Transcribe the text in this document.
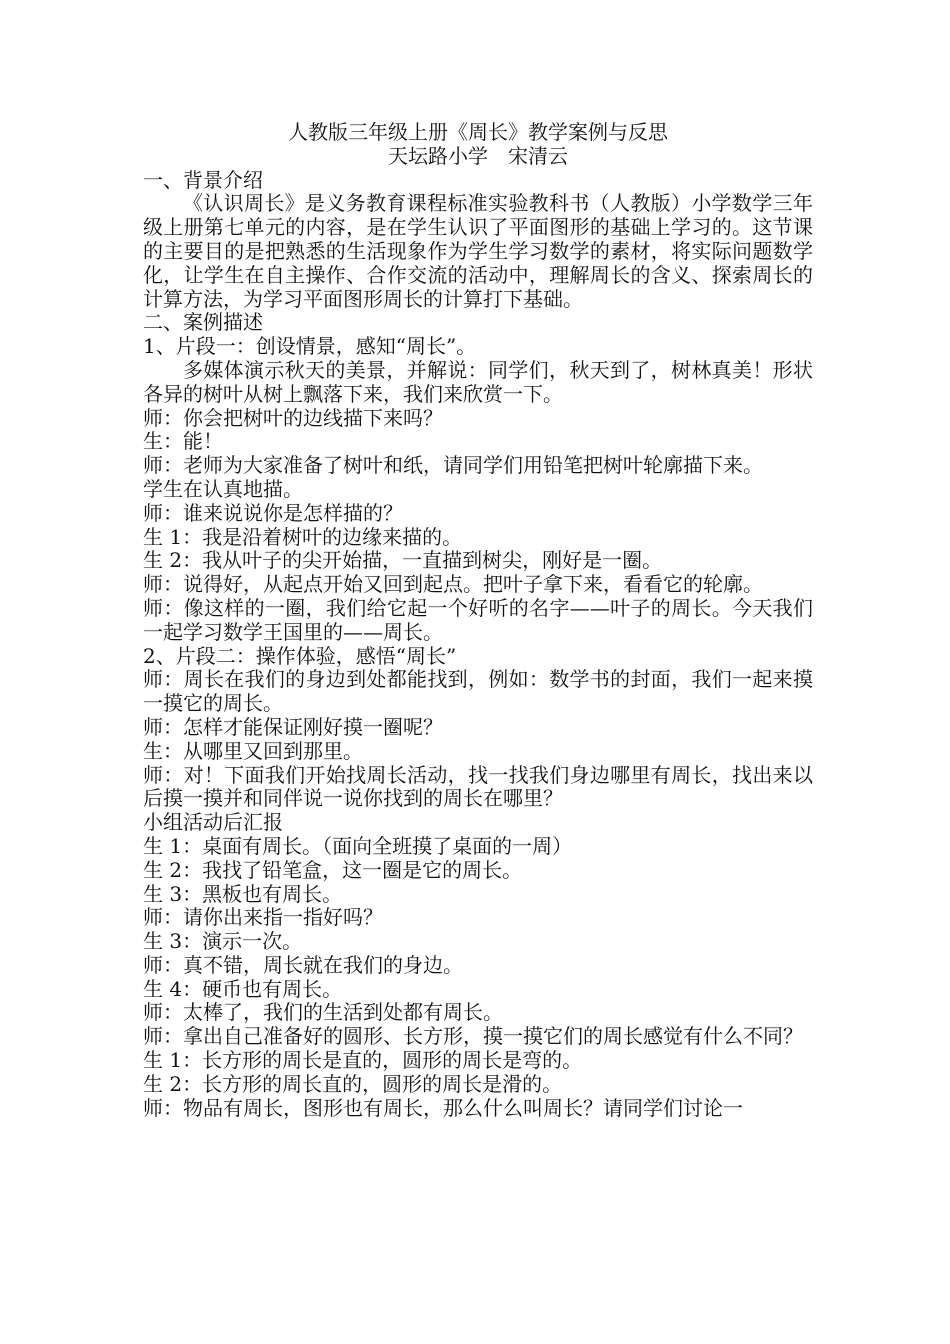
人教版三年级上册《周长》教学案例与反思
天坛路小学　宋清云
一、背景介绍
《认识周长》是义务教育课程标准实验教科书（人教版）小学数学三年级上册第七单元的内容，是在学生认识了平面图形的基础上学习的。这节课的主要目的是把熟悉的生活现象作为学生学习数学的素材，将实际问题数学化，让学生在自主操作、合作交流的活动中，理解周长的含义、探索周长的计算方法，为学习平面图形周长的计算打下基础。
二、案例描述
1、片段一：创设情景，感知“周长”。
多媒体演示秋天的美景，并解说：同学们，秋天到了，树林真美！形状各异的树叶从树上飘落下来，我们来欣赏一下。
师：你会把树叶的边线描下来吗？
生：能！
师：老师为大家准备了树叶和纸，请同学们用铅笔把树叶轮廓描下来。
学生在认真地描。
师：谁来说说你是怎样描的？
生 1：我是沿着树叶的边缘来描的。
生 2：我从叶子的尖开始描，一直描到树尖，刚好是一圈。
师：说得好，从起点开始又回到起点。把叶子拿下来，看看它的轮廓。
师：像这样的一圈，我们给它起一个好听的名字——叶子的周长。今天我们一起学习数学王国里的——周长。
2、片段二：操作体验，感悟“周长”
师：周长在我们的身边到处都能找到，例如：数学书的封面，我们一起来摸一摸它的周长。
师：怎样才能保证刚好摸一圈呢？
生：从哪里又回到那里。
师：对！下面我们开始找周长活动，找一找我们身边哪里有周长，找出来以后摸一摸并和同伴说一说你找到的周长在哪里？
小组活动后汇报
生 1：桌面有周长。（面向全班摸了桌面的一周）
生 2：我找了铅笔盒，这一圈是它的周长。
生 3：黑板也有周长。
师：请你出来指一指好吗？
生 3：演示一次。
师：真不错，周长就在我们的身边。
生 4：硬币也有周长。
师：太棒了，我们的生活到处都有周长。
师：拿出自己准备好的圆形、长方形，摸一摸它们的周长感觉有什么不同？
生 1：长方形的周长是直的，圆形的周长是弯的。
生 2：长方形的周长直的，圆形的周长是滑的。
师：物品有周长，图形也有周长，那么什么叫周长？请同学们讨论一
